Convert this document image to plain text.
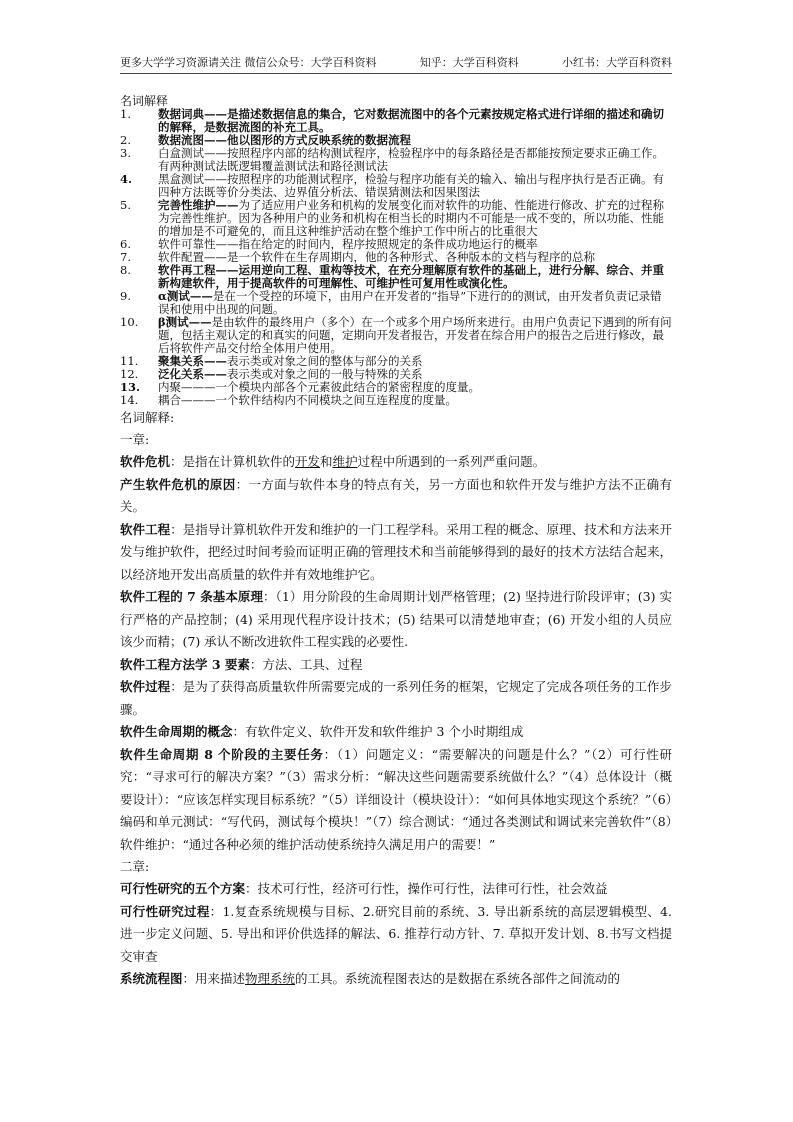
更多大学学习资源请关注 微信公众号：大学百科资料	知乎：大学百科资料	小红书：大学百科资料
名词解释
1.	数据词典——是描述数据信息的集合，它对数据流图中的各个元素按规定格式进行详细的描述和确切的解释，是数据流图的补充工具。
2.	数据流图——他以图形的方式反映系统的数据流程
3.	白盒测试——按照程序内部的结构测试程序，检验程序中的每条路径是否都能按预定要求正确工作。有两种测试法既逻辑覆盖测试法和路径测试法
4.	黑盒测试——按照程序的功能测试程序，检验与程序功能有关的输入、输出与程序执行是否正确。有四种方法既等价分类法、边界值分析法、错误猜测法和因果图法
5.	完善性维护——为了适应用户业务和机构的发展变化而对软件的功能、性能进行修改、扩充的过程称为完善性维护。因为各种用户的业务和机构在相当长的时期内不可能是一成不变的，所以功能、性能的增加是不可避免的，而且这种维护活动在整个维护工作中所占的比重很大
6.	软件可靠性——指在给定的时间内，程序按照规定的条件成功地运行的概率
7.	软件配置——是一个软件在生存周期内，他的各种形式、各种版本的文档与程序的总称
8.	软件再工程——运用逆向工程、重构等技术，在充分理解原有软件的基础上，进行分解、综合、并重新构建软件，用于提高软件的可理解性、可维护性可复用性或演化性。
9.	α测试——是在一个受控的环境下，由用户在开发者的“指导”下进行的的测试，由开发者负责记录错误和使用中出现的问题。
10.	β测试——是由软件的最终用户（多个）在一个或多个用户场所来进行。由用户负责记下遇到的所有问题，包括主观认定的和真实的问题，定期向开发者报告，开发者在综合用户的报告之后进行修改，最后将软件产品交付给全体用户使用。
11.	聚集关系——表示类或对象之间的整体与部分的关系
12.	泛化关系——表示类或对象之间的一般与特殊的关系
13.	内聚———一个模块内部各个元素彼此结合的紧密程度的度量。
14.	耦合———一个软件结构内不同模块之间互连程度的度量。

名词解释:

一章:

软件危机：是指在计算机软件的开发和维护过程中所遇到的一系列严重问题。

产生软件危机的原因：一方面与软件本身的特点有关，另一方面也和软件开发与维护方法不正确有关。

软件工程：是指导计算机软件开发和维护的一门工程学科。采用工程的概念、原理、技术和方法来开发与维护软件，把经过时间考验而证明正确的管理技术和当前能够得到的最好的技术方法结合起来，以经济地开发出高质量的软件并有效地维护它。

软件工程的 7 条基本原理：（1）用分阶段的生命周期计划严格管理；(2) 坚持进行阶段评审；(3) 实行严格的产品控制；(4) 采用现代程序设计技术；(5) 结果可以清楚地审查；(6) 开发小组的人员应该少而精；(7) 承认不断改进软件工程实践的必要性.

软件工程方法学 3 要素：方法、工具、过程

软件过程：是为了获得高质量软件所需要完成的一系列任务的框架，它规定了完成各项任务的工作步骤。

软件生命周期的概念：有软件定义、软件开发和软件维护 3 个小时期组成

软件生命周期 8 个阶段的主要任务：（1）问题定义：“需要解决的问题是什么？”（2）可行性研究：“寻求可行的解决方案？”（3）需求分析：“解决这些问题需要系统做什么？”（4）总体设计（概要设计）：“应该怎样实现目标系统？”（5）详细设计（模块设计）：“如何具体地实现这个系统？”（6）编码和单元测试：“写代码，测试每个模块！”（7）综合测试：“通过各类测试和调试来完善软件”（8）软件维护：“通过各种必须的维护活动使系统持久满足用户的需要！”

二章:

可行性研究的五个方案：技术可行性，经济可行性，操作可行性，法律可行性，社会效益

可行性研究过程：1.复查系统规模与目标、2.研究目前的系统、3. 导出新系统的高层逻辑模型、4. 进一步定义问题、5. 导出和评价供选择的解法、6. 推荐行动方针、7. 草拟开发计划、8.书写文档提交审查

系统流程图：用来描述物理系统的工具。系统流程图表达的是数据在系统各部件之间流动的
